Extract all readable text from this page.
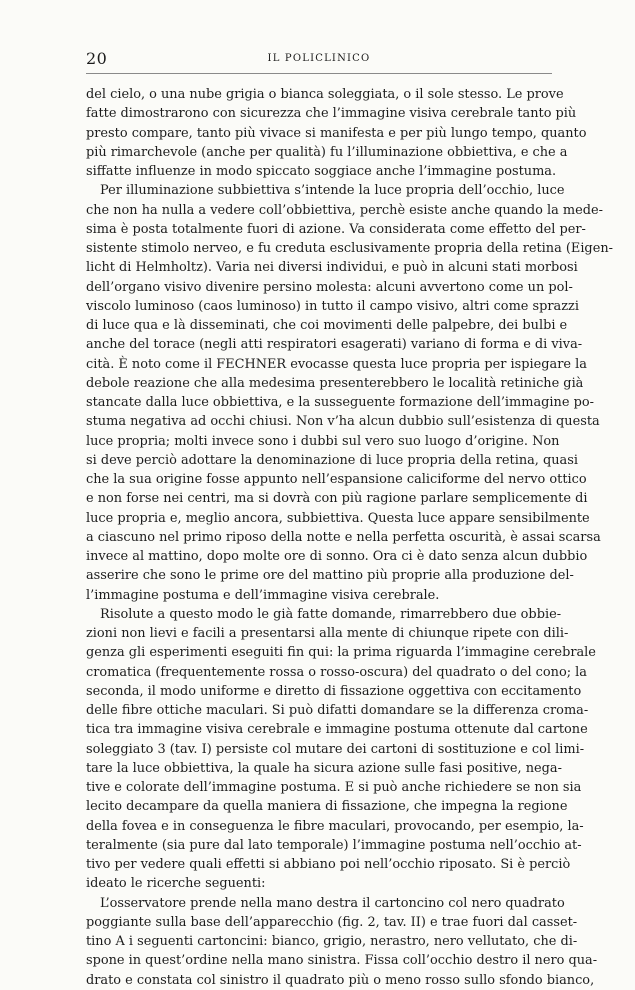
20	IL POLICLINICO
del cielo, o una nube grigia o bianca soleggiata, o il sole stesso. Le prove
fatte dimostrarono con sicurezza che l’immagine visiva cerebrale tanto più
presto compare, tanto più vivace si manifesta e per più lungo tempo, quanto
più rimarchevole (anche per qualità) fu l’illuminazione obbiettiva, e che a
siffatte influenze in modo spiccato soggiace anche l’immagine postuma.
Per illuminazione subbiettiva s’intende la luce propria dell’occhio, luce
che non ha nulla a vedere coll’obbiettiva, perchè esiste anche quando la mede-
sima è posta totalmente fuori di azione. Va considerata come effetto del per-
sistente stimolo nerveo, e fu creduta esclusivamente propria della retina (Eigen-
licht di Helmholtz). Varia nei diversi individui, e può in alcuni stati morbosi
dell’organo visivo divenire persino molesta: alcuni avvertono come un pol-
viscolo luminoso (caos luminoso) in tutto il campo visivo, altri come sprazzi
di luce qua e là disseminati, che coi movimenti delle palpebre, dei bulbi e
anche del torace (negli atti respiratori esagerati) variano di forma e di viva-
cità. È noto come il FECHNER evocasse questa luce propria per ispiegare la
debole reazione che alla medesima presenterebbero le località retiniche già
stancate dalla luce obbiettiva, e la susseguente formazione dell’immagine po-
stuma negativa ad occhi chiusi. Non v’ha alcun dubbio sull’esistenza di questa
luce propria; molti invece sono i dubbi sul vero suo luogo d’origine. Non
si deve perciò adottare la denominazione di luce propria della retina, quasi
che la sua origine fosse appunto nell’espansione caliciforme del nervo ottico
e non forse nei centri, ma si dovrà con più ragione parlare semplicemente di
luce propria e, meglio ancora, subbiettiva. Questa luce appare sensibilmente
a ciascuno nel primo riposo della notte e nella perfetta oscurità, è assai scarsa
invece al mattino, dopo molte ore di sonno. Ora ci è dato senza alcun dubbio
asserire che sono le prime ore del mattino più proprie alla produzione del-
l’immagine postuma e dell’immagine visiva cerebrale.
Risolute a questo modo le già fatte domande, rimarrebbero due obbie-
zioni non lievi e facili a presentarsi alla mente di chiunque ripete con dili-
genza gli esperimenti eseguiti fin qui: la prima riguarda l’immagine cerebrale
cromatica (frequentemente rossa o rosso-oscura) del quadrato o del cono; la
seconda, il modo uniforme e diretto di fissazione oggettiva con eccitamento
delle fibre ottiche maculari. Si può difatti domandare se la differenza croma-
tica tra immagine visiva cerebrale e immagine postuma ottenute dal cartone
soleggiato 3 (tav. I) persiste col mutare dei cartoni di sostituzione e col limi-
tare la luce obbiettiva, la quale ha sicura azione sulle fasi positive, nega-
tive e colorate dell’immagine postuma. E si può anche richiedere se non sia
lecito decampare da quella maniera di fissazione, che impegna la regione
della fovea e in conseguenza le fibre maculari, provocando, per esempio, la-
teralmente (sia pure dal lato temporale) l’immagine postuma nell’occhio at-
tivo per vedere quali effetti si abbiano poi nell’occhio riposato. Si è perciò
ideato le ricerche seguenti:
L’osservatore prende nella mano destra il cartoncino col nero quadrato
poggiante sulla base dell’apparecchio (fig. 2, tav. II) e trae fuori dal casset-
tino A i seguenti cartoncini: bianco, grigio, nerastro, nero vellutato, che di-
spone in quest’ordine nella mano sinistra. Fissa coll’occhio destro il nero qua-
drato e constata col sinistro il quadrato più o meno rosso sullo sfondo bianco,
